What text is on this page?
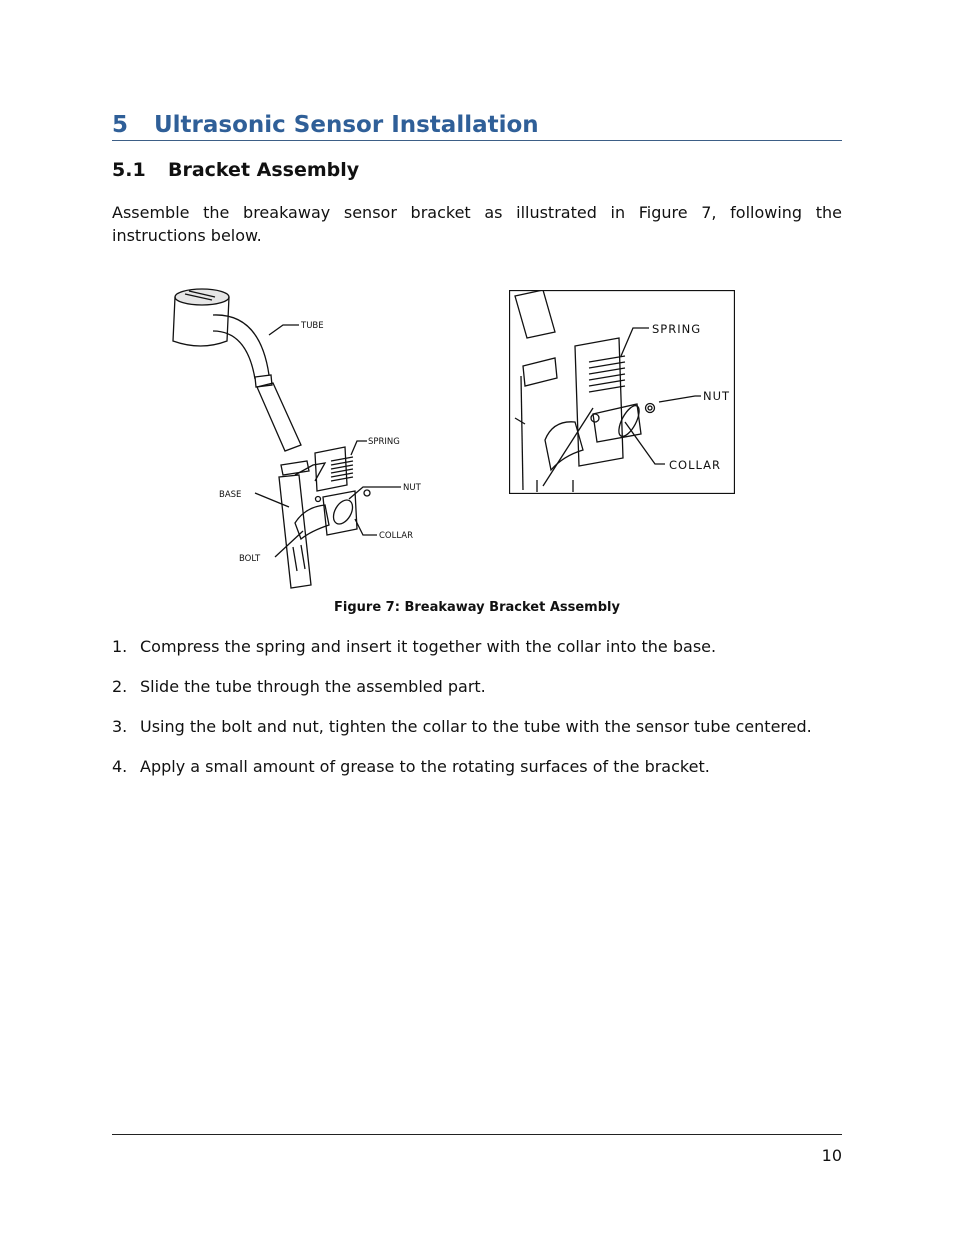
5 Ultrasonic Sensor Installation
5.1 Bracket Assembly

Assemble the breakaway sensor bracket as illustrated in Figure 7, following the instructions below.

TUBE
SPRING
NUT
BASE
COLLAR
BOLT
SPRING
NUT
COLLAR
Figure 7: Breakaway Bracket Assembly
1. Compress the spring and insert it together with the collar into the base.
2. Slide the tube through the assembled part.
3. Using the bolt and nut, tighten the collar to the tube with the sensor tube centered.
4. Apply a small amount of grease to the rotating surfaces of the bracket.
10
